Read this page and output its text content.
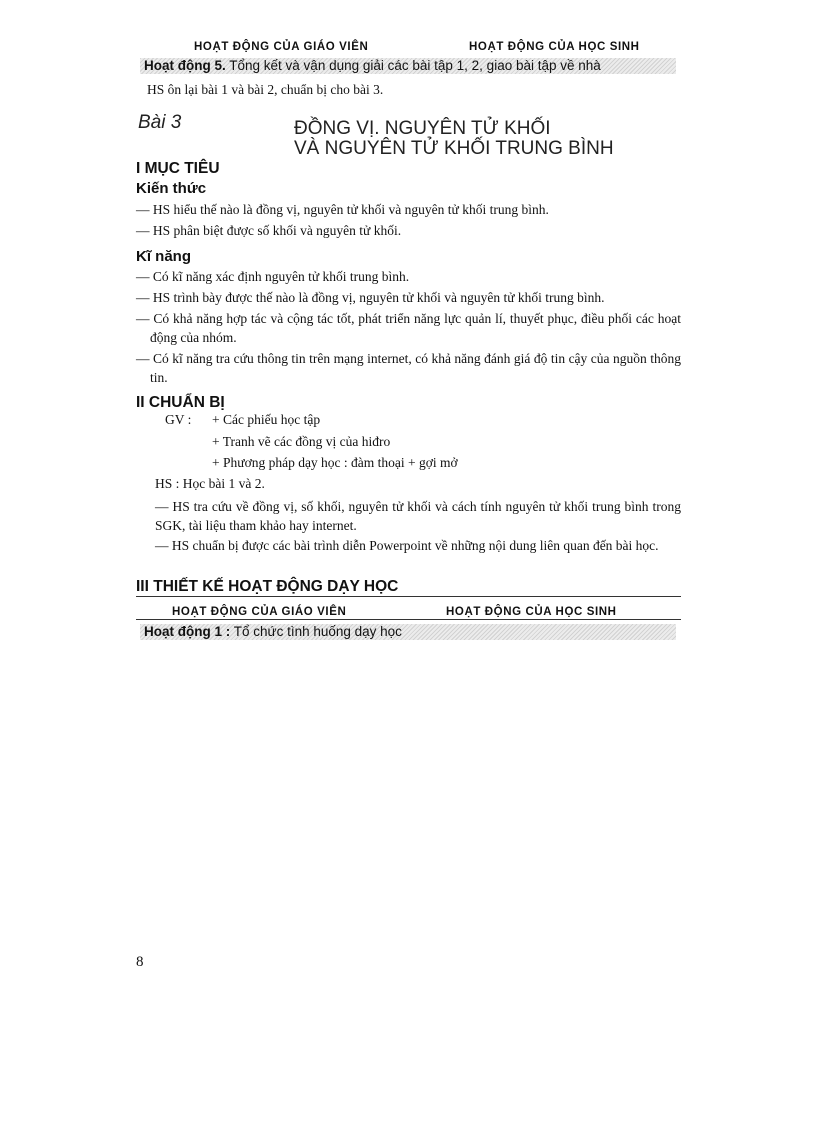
HOẠT ĐỘNG CỦA GIÁO VIÊN	HOẠT ĐỘNG CỦA HỌC SINH
Hoạt động 5. Tổng kết và vận dụng giải các bài tập 1, 2, giao bài tập về nhà
HS ôn lại bài 1 và bài 2, chuẩn bị cho bài 3.
Bài 3	ĐỒNG VỊ. NGUYÊN TỬ KHỐI
VÀ NGUYÊN TỬ KHỐI TRUNG BÌNH
I MỤC TIÊU
Kiến thức
— HS hiểu thế nào là đồng vị, nguyên tử khối và nguyên tử khối trung bình.
— HS phân biệt được số khối và nguyên tử khối.
Kĩ năng
— Có kĩ năng xác định nguyên tử khối trung bình.
— HS trình bày được thế nào là đồng vị, nguyên tử khối và nguyên tử khối trung bình.
— Có khả năng hợp tác và cộng tác tốt, phát triển năng lực quản lí, thuyết phục, điều phối các hoạt động của nhóm.
— Có kĩ năng tra cứu thông tin trên mạng internet, có khả năng đánh giá độ tin cậy của nguồn thông tin.
II CHUẨN BỊ
GV : + Các phiếu học tập
+ Tranh vẽ các đồng vị của hiđro
+ Phương pháp dạy học : đàm thoại + gợi mở
HS : Học bài 1 và 2.
— HS tra cứu về đồng vị, số khối, nguyên tử khối và cách tính nguyên tử khối trung bình trong SGK, tài liệu tham khảo hay internet.
— HS chuẩn bị được các bài trình diễn Powerpoint về những nội dung liên quan đến bài học.
III THIẾT KẾ HOẠT ĐỘNG DẠY HỌC
HOẠT ĐỘNG CỦA GIÁO VIÊN	HOẠT ĐỘNG CỦA HỌC SINH
Hoạt động 1 : Tổ chức tình huống dạy học
8
